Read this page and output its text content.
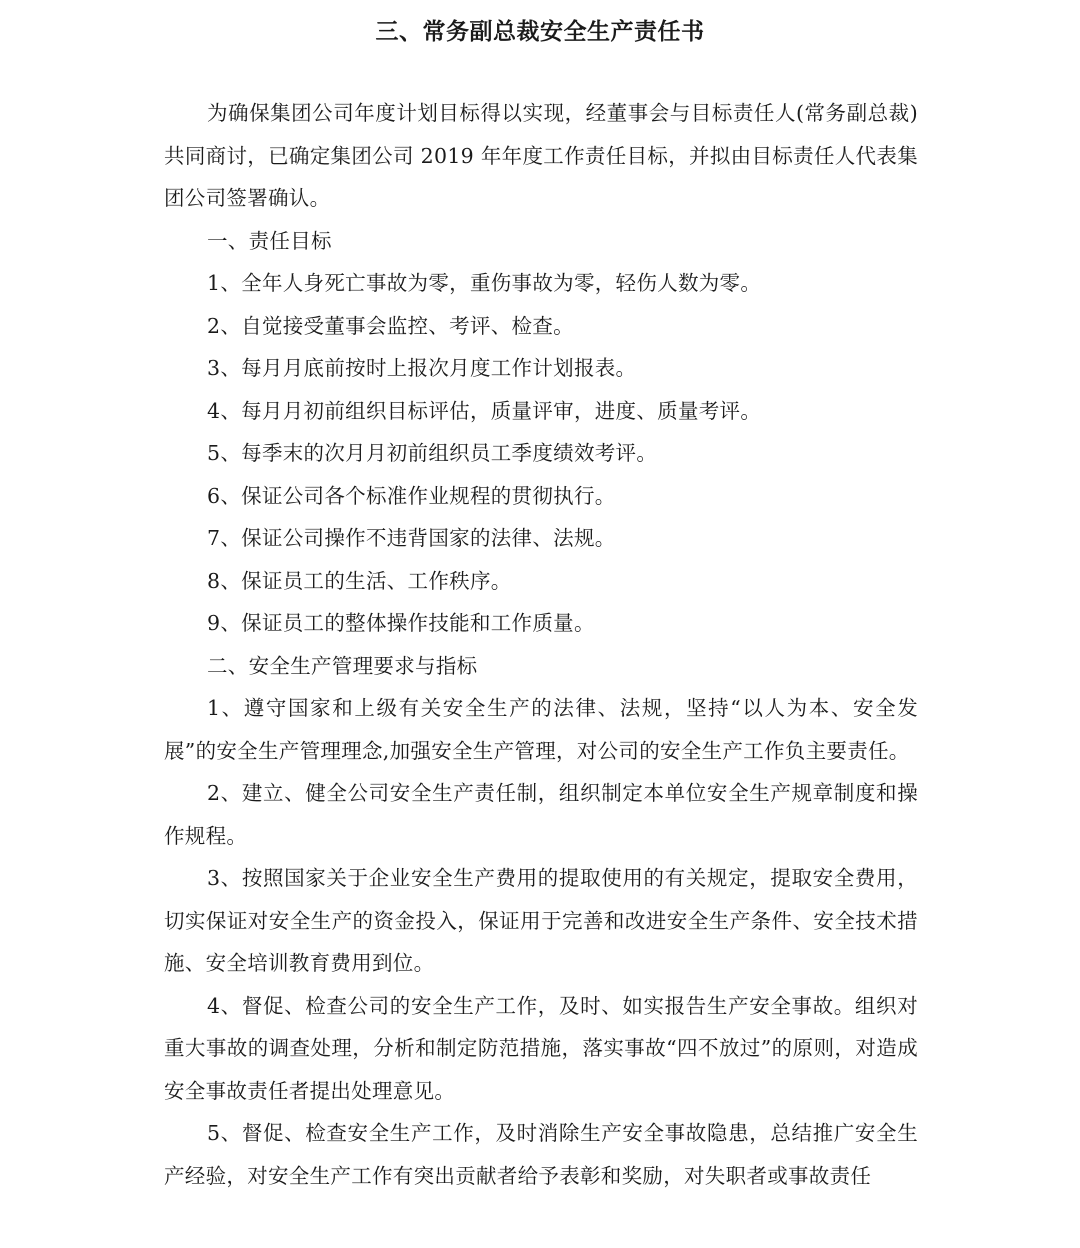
三、常务副总裁安全生产责任书

为确保集团公司年度计划目标得以实现，经董事会与目标责任人(常务副总裁)共同商讨，已确定集团公司 2019 年年度工作责任目标，并拟由目标责任人代表集团公司签署确认。

一、责任目标

1、全年人身死亡事故为零，重伤事故为零，轻伤人数为零。

2、自觉接受董事会监控、考评、检查。

3、每月月底前按时上报次月度工作计划报表。

4、每月月初前组织目标评估，质量评审，进度、质量考评。

5、每季末的次月月初前组织员工季度绩效考评。

6、保证公司各个标准作业规程的贯彻执行。

7、保证公司操作不违背国家的法律、法规。

8、保证员工的生活、工作秩序。

9、保证员工的整体操作技能和工作质量。

二、安全生产管理要求与指标

1、遵守国家和上级有关安全生产的法律、法规，坚持“以人为本、安全发展”的安全生产管理理念,加强安全生产管理，对公司的安全生产工作负主要责任。

2、建立、健全公司安全生产责任制，组织制定本单位安全生产规章制度和操作规程。

3、按照国家关于企业安全生产费用的提取使用的有关规定，提取安全费用，切实保证对安全生产的资金投入，保证用于完善和改进安全生产条件、安全技术措施、安全培训教育费用到位。

4、督促、检查公司的安全生产工作，及时、如实报告生产安全事故。组织对重大事故的调查处理，分析和制定防范措施，落实事故“四不放过”的原则，对造成安全事故责任者提出处理意见。

5、督促、检查安全生产工作，及时消除生产安全事故隐患，总结推广安全生产经验，对安全生产工作有突出贡献者给予表彰和奖励，对失职者或事故责任
